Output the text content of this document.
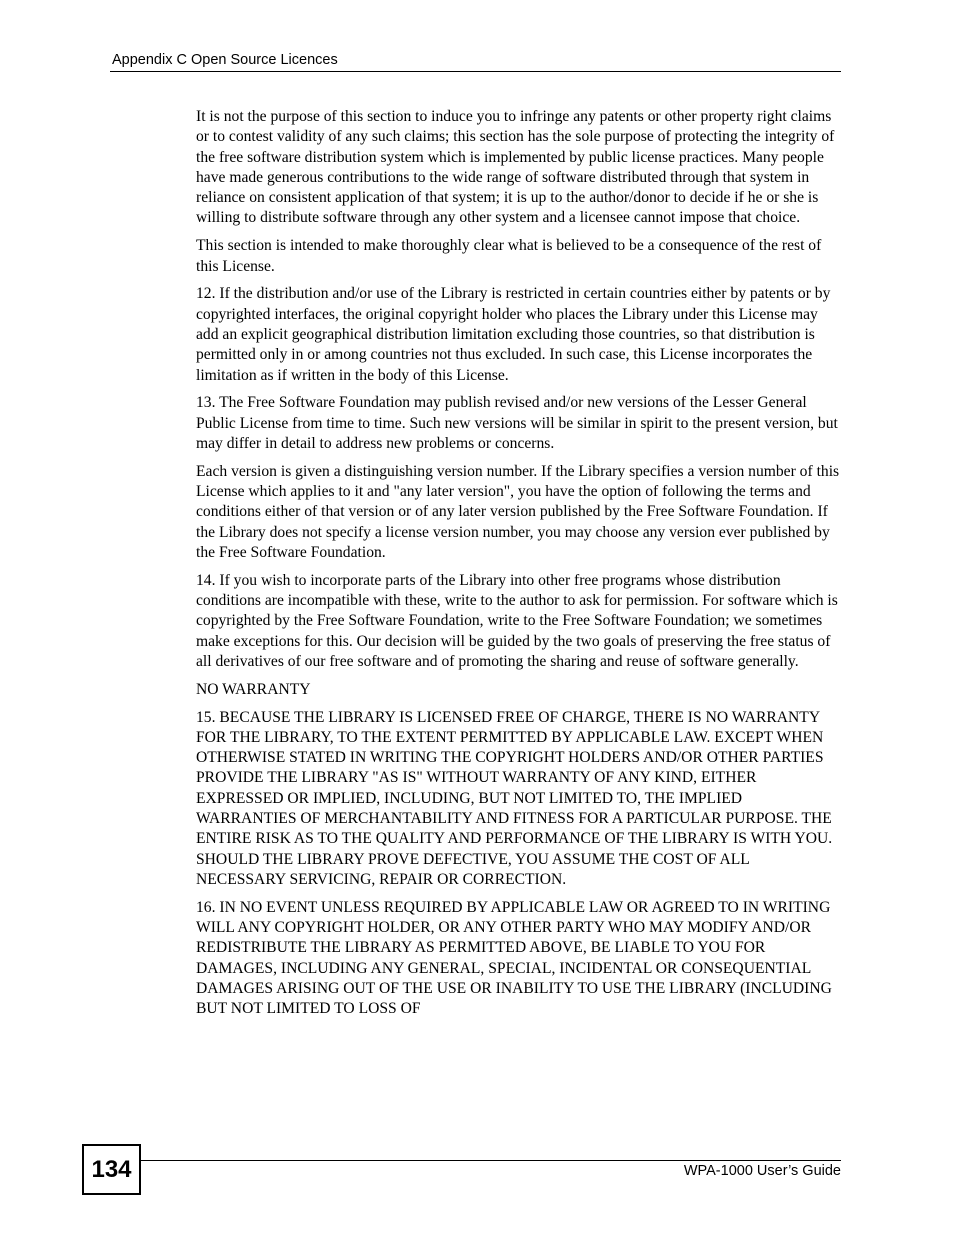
Appendix C Open Source Licences

It is not the purpose of this section to induce you to infringe any patents or other property right claims or to contest validity of any such claims; this section has the sole purpose of protecting the integrity of the free software distribution system which is implemented by public license practices. Many people have made generous contributions to the wide range of software distributed through that system in reliance on consistent application of that system; it is up to the author/donor to decide if he or she is willing to distribute software through any other system and a licensee cannot impose that choice.

This section is intended to make thoroughly clear what is believed to be a consequence of the rest of this License.

12. If the distribution and/or use of the Library is restricted in certain countries either by patents or by copyrighted interfaces, the original copyright holder who places the Library under this License may add an explicit geographical distribution limitation excluding those countries, so that distribution is permitted only in or among countries not thus excluded. In such case, this License incorporates the limitation as if written in the body of this License.

13. The Free Software Foundation may publish revised and/or new versions of the Lesser General Public License from time to time. Such new versions will be similar in spirit to the present version, but may differ in detail to address new problems or concerns.

Each version is given a distinguishing version number. If the Library specifies a version number of this License which applies to it and "any later version", you have the option of following the terms and conditions either of that version or of any later version published by the Free Software Foundation. If the Library does not specify a license version number, you may choose any version ever published by the Free Software Foundation.

14. If you wish to incorporate parts of the Library into other free programs whose distribution conditions are incompatible with these, write to the author to ask for permission. For software which is copyrighted by the Free Software Foundation, write to the Free Software Foundation; we sometimes make exceptions for this. Our decision will be guided by the two goals of preserving the free status of all derivatives of our free software and of promoting the sharing and reuse of software generally.

NO WARRANTY

15. BECAUSE THE LIBRARY IS LICENSED FREE OF CHARGE, THERE IS NO WARRANTY FOR THE LIBRARY, TO THE EXTENT PERMITTED BY APPLICABLE LAW. EXCEPT WHEN OTHERWISE STATED IN WRITING THE COPYRIGHT HOLDERS AND/OR OTHER PARTIES PROVIDE THE LIBRARY "AS IS" WITHOUT WARRANTY OF ANY KIND, EITHER EXPRESSED OR IMPLIED, INCLUDING, BUT NOT LIMITED TO, THE IMPLIED WARRANTIES OF MERCHANTABILITY AND FITNESS FOR A PARTICULAR PURPOSE. THE ENTIRE RISK AS TO THE QUALITY AND PERFORMANCE OF THE LIBRARY IS WITH YOU. SHOULD THE LIBRARY PROVE DEFECTIVE, YOU ASSUME THE COST OF ALL NECESSARY SERVICING, REPAIR OR CORRECTION.

16. IN NO EVENT UNLESS REQUIRED BY APPLICABLE LAW OR AGREED TO IN WRITING WILL ANY COPYRIGHT HOLDER, OR ANY OTHER PARTY WHO MAY MODIFY AND/OR REDISTRIBUTE THE LIBRARY AS PERMITTED ABOVE, BE LIABLE TO YOU FOR DAMAGES, INCLUDING ANY GENERAL, SPECIAL, INCIDENTAL OR CONSEQUENTIAL DAMAGES ARISING OUT OF THE USE OR INABILITY TO USE THE LIBRARY (INCLUDING BUT NOT LIMITED TO LOSS OF

134	WPA-1000 User’s Guide
